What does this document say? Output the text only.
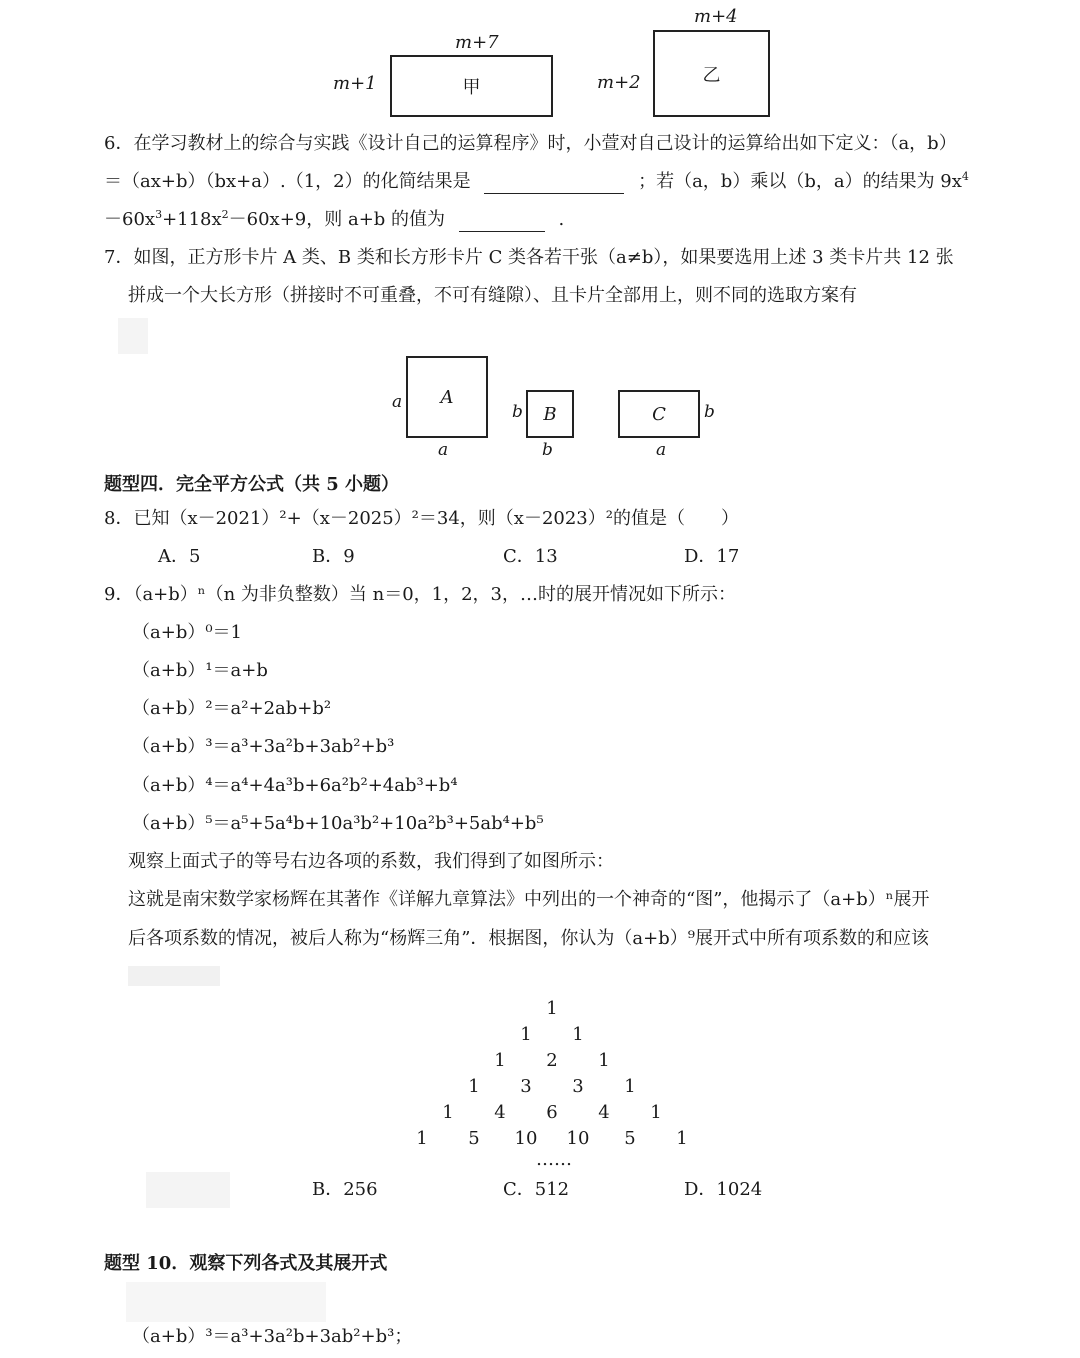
m+7
m+1	甲
m+4
m+2	乙
6．在学习教材上的综合与实践《设计自己的运算程序》时，小萱对自己设计的运算给出如下定义：（a，b）
＝（ax+b）（bx+a）.（1，2）的化简结果是	；若（a，b）乘以（b，a）的结果为 $9x^4$
$-60x^3+118x^2-60x+9$，则 a+b 的值为	.
7．如图，正方形卡片 A 类、B 类和长方形卡片 C 类各若干张（a≠b），如果要选用上述 3 类卡片共 12 张
拼成一个大长方形（拼接时不可重叠，不可有缝隙）、且卡片全部用上，则不同的选取方案有
a A
a
b B
b
C b
a
题型四．完全平方公式（共 5 小题）
8．已知（x－2021）²+（x－2025）²＝34，则（x－2023）²的值是（　　）
A．5	B．9	C．13	D．17
9．（a+b）ⁿ（n 为非负整数）当 n＝0，1，2，3，…时的展开情况如下所示：
（a+b）⁰＝1
（a+b）¹＝a+b
（a+b）²＝a²+2ab+b²
（a+b）³＝a³+3a²b+3ab²+b³
（a+b）⁴＝a⁴+4a³b+6a²b²+4ab³+b⁴
（a+b）⁵＝a⁵+5a⁴b+10a³b²+10a²b³+5ab⁴+b⁵
观察上面式子的等号右边各项的系数，我们得到了如图所示：
这就是南宋数学家杨辉在其著作《详解九章算法》中列出的一个神奇的“图”，他揭示了（a+b）ⁿ展开
后各项系数的情况，被后人称为“杨辉三角”．根据图，你认为（a+b）⁹展开式中所有项系数的和应该
1
1 1
1 2 1
1 3 3 1
1 4 6 4 1
1 5 10 10 5 1
……
B．256	C．512	D．1024
题型 10．观察下列各式及其展开式
（a+b）³＝a³+3a²b+3ab²+b³；
